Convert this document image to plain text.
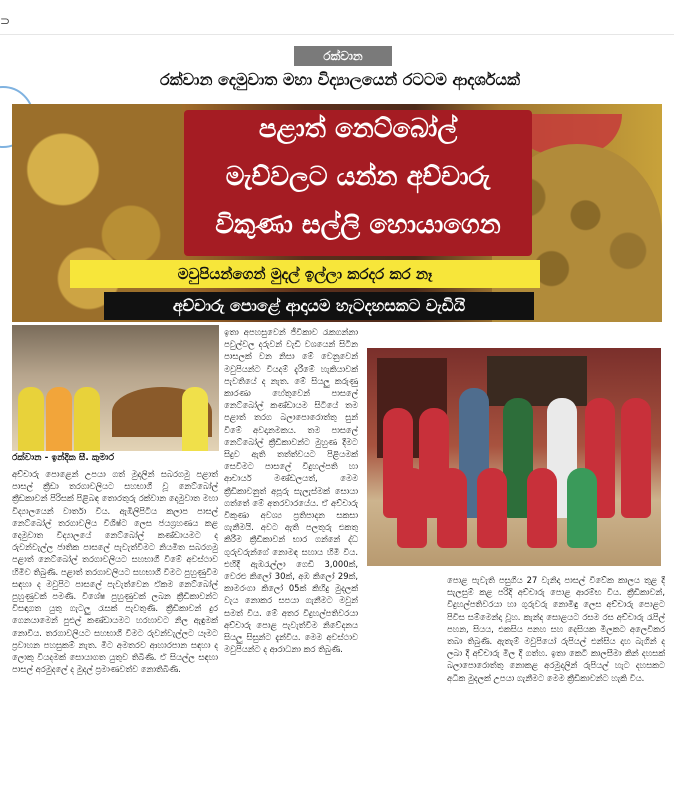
⊃
රක්වාන
රක්වාන දෙමුවාත මහා විද්‍යාලයෙන් රටටම ආදර්ශයක්
පළාත් නෙට්බෝල්
මැච්වලට යන්න අච්චාරු
විකුණා සල්ලි හොයාගෙන
මවුපියන්ගෙන් මුදල් ඉල්ලා කරදර කර නෑ
අච්චාරු පොළේ ආදායම හැටදහසකට වැඩියි
රක්වාන - ඉන්දික සී. කුමාර

අච්චාරු පොළෙන් උපයා ගත් මුදලින් සබරගමු පළාත් පාසල් ක්‍රීඩා තරගාවලියට සහභාගී වූ නෙට්බෝල් ක්‍රීඩකාවන් පිරිසක් පිළිබඳ තොරතුරු රක්වාන දෙමුවාත මහා විද්‍යාලයෙන් වාර්තා විය. ඇඹිලිපිටිය කලාප පාසල් නෙට්බෝල් තරගාවලිය විශිෂ්ට ලෙස ජයග්‍රහණය කළ දෙමුවාත විද්‍යාලයේ නෙට්බෝල් කණ්ඩායමට ද රුවන්වැල්ල ජාතික පාසලේ පැවැත්වීමට නියමිත සබරගමු පළාත් නෙට්බෝල් තරගාවලියට සහභාගී වීමේ අවස්ථාව හිමිව තිබුණි. පළාත් තරගාවලියට සහභාගී වීමට පුහුණුවීම සඳහා ද මවුපිට පාසලේ පැවැත්වෙන ඒකම නෙට්බෝල් පුහුණුවක් පමණි. විශේෂ පුහුණුවක් ලබන ක්‍රීඩිකාවන්ට විසඳාගත යුතු ගැටලු රැසක් පැවතුණි. ක්‍රීඩිකාවන් දුර ගෙනයාමෙන් පුළුල් කණ්ඩායමට හරහාවට නිල ඇඳුමක් නොවිය. තරගාවලියට සහභාගී වීමට රුවන්වැල්ලට යෑමට ප්‍රවාහන පහසුකම් නැත. මීට අමතරව ආහාරපාන සඳහා ද ලොකු වියදමක් සොයාගත යුතුව තිබිණි. ඒ සියල්ල සඳහා පාසල් අරමුදලේ ද මුදල් ප්‍රමාණවත්ව නොතිබිණි.

ඉතා අපහසුවෙන් ජීවිකාව රැකගන්නා පවුල්වල දරුවන් වැඩි වශයෙන් සිටින පාසලක් වන නිසා මේ වෙනුවෙන් මවුපියන්ට වියදම් දැරීමේ හැකියාවක් පැවතියේ ද නැත. මේ සියලු කරුණු කාරණා හේතුවෙන් පාසලේ නෙට්බෝල් කණ්ඩායම සිටියේ තම පළාත් තරග බලාපොරොත්තු සුන් වීමේ අවදානමකය. තම පාසලේ නෙට්බෝල් ක්‍රීඩිකාවන්ට මුහුණ දීමට සිදුව ඇති තත්ත්වයට පිළියමක් සෙවීමට පාසලේ විදුහල්පති හා ආචාර්ය මණ්ඩලයත්, මෙම ක්‍රීඩිකාවනුත් අපූරු සැලැස්මක් සොයා ගත්තේ මේ අතරවාරයේය. ඒ අච්චාරු විකුණා අවශ්‍ය ප්‍රතිපාදන සකසා ගැනීමයි. අවට ඇති පලතුරු එකතු කිරීම ක්‍රීඩිකාවන් භාර ගන්නේ ද්ධ ගුරුවරුන්ගේ නොමඳ සහාය හිමි විය. එහිදී ඇඹරැල්ලා ගෙඩි 3,000ක්, වෙරළු කිලෝ 30ක්, අඹ කිලෝ 29ක්, කාමරංගා කිලෝ 05ක් කිහිදු මුදලක් වැය නොකර සපයා ගැනීමට මවුන් සමත් විය. මේ අතර විදුහල්පතිවරයා අච්චාරු පොළ පැවැත්වීම නිවේදනය සියලු සිසුන්ට දැන්විය. මෙම අවස්ථාව මවුපියන්ට ද ආරාධනා කර තිබුණි.

පොළ පැවැති පසුගිය 27 වැනිදා පාසල් විවේක කාලය තුළ දී සැලසුම් කළ පරිදි අච්චාරු පොළ ආරම්භ විය. ක්‍රීඩිකාවන්, විදුහල්පතිවරයා හා ගුරුවරු නොමිඳු ලෙස අච්චාරු පොළට පිවිස සම්මෙන්දා වූහ. කැන්ද සොළයට රසම රස අච්චාරු රැපිල් පහන, සියය, එකසිය පනහ සහ දෙසියක මිලකට අලෙවිකර තබා තිබුණි. ඇතැම් මවුපියෝ රුපියල් එන්සිය දාහ බැගින් ද ලබා දී අච්චාරු මිල දී ගත්හ. ඉතා කෙටි කාලසීමා කින් දහසක් බලාපොරොත්තු නොකළ අරමුදලින් රුපියල් හැට දහසකට අධික මුදලක් උපයා ගැනීමට මෙම ක්‍රීඩිකාවන්ට හැකි විය.
